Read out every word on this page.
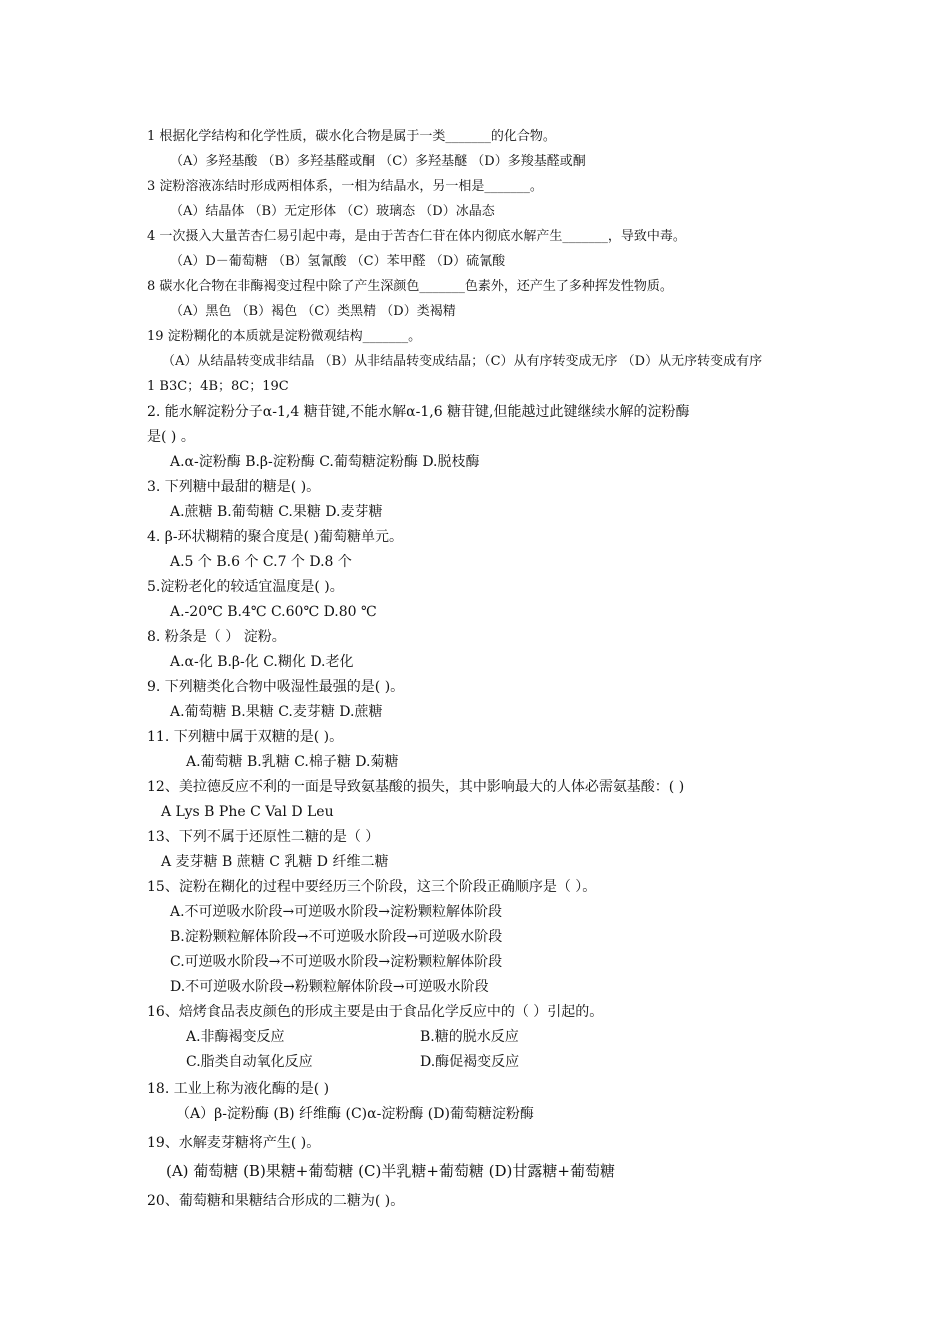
1 根据化学结构和化学性质，碳水化合物是属于一类_______的化合物。
（A）多羟基酸 （B）多羟基醛或酮 （C）多羟基醚 （D）多羧基醛或酮
3 淀粉溶液冻结时形成两相体系，一相为结晶水，另一相是_______。
（A）结晶体 （B）无定形体 （C）玻璃态 （D）冰晶态
4 一次摄入大量苦杏仁易引起中毒，是由于苦杏仁苷在体内彻底水解产生_______，导致中毒。
（A）D－葡萄糖 （B）氢氰酸 （C）苯甲醛 （D）硫氰酸
8 碳水化合物在非酶褐变过程中除了产生深颜色_______色素外，还产生了多种挥发性物质。
（A）黑色 （B）褐色 （C）类黑精 （D）类褐精
19 淀粉糊化的本质就是淀粉微观结构_______。
（A）从结晶转变成非结晶 （B）从非结晶转变成结晶；（C）从有序转变成无序 （D）从无序转变成有序
1 B3C；4B；8C；19C
2. 能水解淀粉分子α-1,4 糖苷键,不能水解α-1,6 糖苷键,但能越过此键继续水解的淀粉酶
是( ) 。
A.α-淀粉酶 B.β-淀粉酶 C.葡萄糖淀粉酶 D.脱枝酶
3. 下列糖中最甜的糖是( )。
A.蔗糖 B.葡萄糖 C.果糖 D.麦芽糖
4. β-环状糊精的聚合度是( )葡萄糖单元。
A.5 个 B.6 个 C.7 个 D.8 个
5.淀粉老化的较适宜温度是( )。
A.-20℃ B.4℃ C.60℃ D.80 ℃
8. 粉条是（ ） 淀粉。
A.α-化 B.β-化 C.糊化 D.老化
9. 下列糖类化合物中吸湿性最强的是( )。
A.葡萄糖 B.果糖 C.麦芽糖 D.蔗糖
11. 下列糖中属于双糖的是( )。
A.葡萄糖 B.乳糖 C.棉子糖 D.菊糖
12、美拉德反应不利的一面是导致氨基酸的损失，其中影响最大的人体必需氨基酸：( )
A Lys B Phe C Val D Leu
13、下列不属于还原性二糖的是（ ）
A 麦芽糖 B 蔗糖 C 乳糖 D 纤维二糖
15、淀粉在糊化的过程中要经历三个阶段，这三个阶段正确顺序是（ ）。
A.不可逆吸水阶段→可逆吸水阶段→淀粉颗粒解体阶段
B.淀粉颗粒解体阶段→不可逆吸水阶段→可逆吸水阶段
C.可逆吸水阶段→不可逆吸水阶段→淀粉颗粒解体阶段
D.不可逆吸水阶段→粉颗粒解体阶段→可逆吸水阶段
16、焙烤食品表皮颜色的形成主要是由于食品化学反应中的（ ）引起的。
A.非酶褐变反应	B.糖的脱水反应
C.脂类自动氧化反应	D.酶促褐变反应
18. 工业上称为液化酶的是( )
（A）β-淀粉酶 (B) 纤维酶 (C)α-淀粉酶 (D)葡萄糖淀粉酶
19、水解麦芽糖将产生( )。
(A) 葡萄糖 (B)果糖+葡萄糖 (C)半乳糖+葡萄糖 (D)甘露糖+葡萄糖
20、葡萄糖和果糖结合形成的二糖为( )。
